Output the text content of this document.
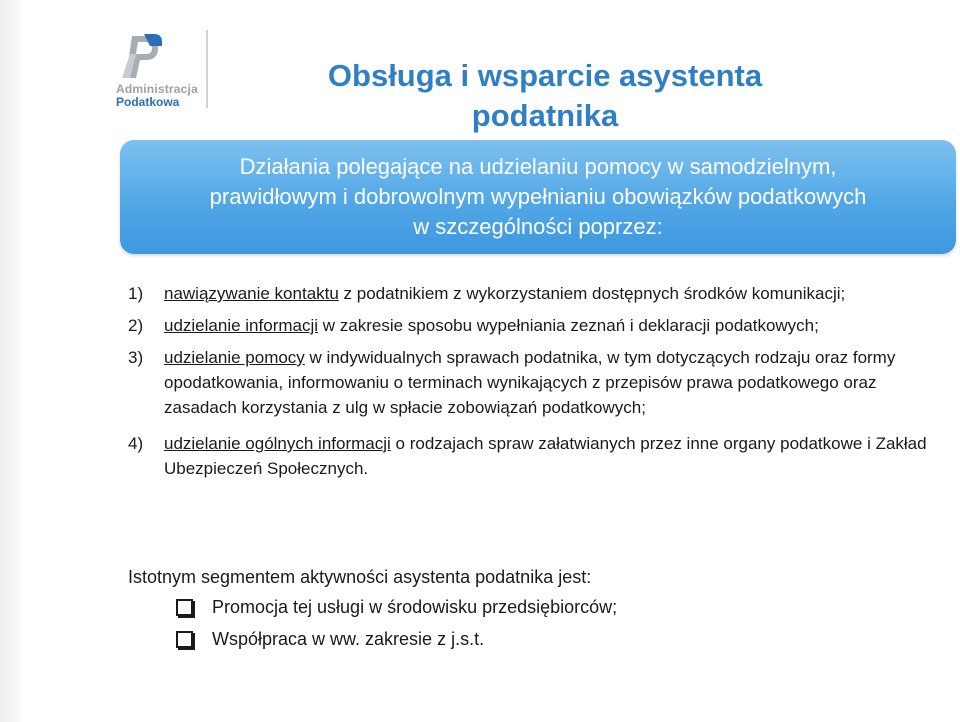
Administracja
Podatkowa
Obsługa i wsparcie asystenta podatnika
Działania polegające na udzielaniu pomocy w samodzielnym,
prawidłowym i dobrowolnym wypełnianiu obowiązków podatkowych
w szczególności poprzez:
1) nawiązywanie kontaktu z podatnikiem z wykorzystaniem dostępnych środków komunikacji;
2) udzielanie informacji w zakresie sposobu wypełniania zeznań i deklaracji podatkowych;
3) udzielanie pomocy w indywidualnych sprawach podatnika, w tym dotyczących rodzaju oraz formy opodatkowania, informowaniu o terminach wynikających z przepisów prawa podatkowego oraz zasadach korzystania z ulg w spłacie zobowiązań podatkowych;
4) udzielanie ogólnych informacji o rodzajach spraw załatwianych przez inne organy podatkowe i Zakład Ubezpieczeń Społecznych.
Istotnym segmentem aktywności asystenta podatnika jest:
Promocja tej usługi w środowisku przedsiębiorców;
Współpraca w ww. zakresie z j.s.t.
